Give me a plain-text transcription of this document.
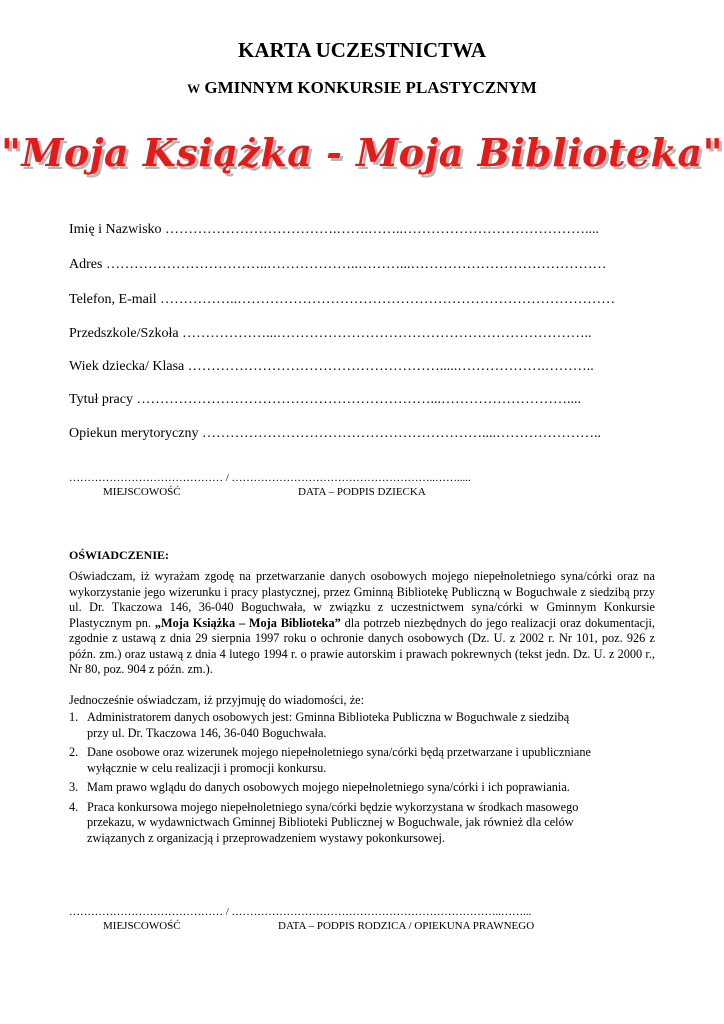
KARTA UCZESTNICTWA
W GMINNYM KONKURSIE PLASTYCZNYM
"Moja Książka - Moja Biblioteka"
Imię i Nazwisko ……………………………….…….……..…………………………………....
Adres ……………………………..………………..………...……………………………………
Telefon, E-mail ……………..………………………………………………………………………
Przedszkole/Szkoła ………………...…………………………………………………………..
Wiek dziecka/ Klasa ……………………………………………….....……………….………..
Tytuł pracy ………………………………………………………...………………………....
Opiekun merytoryczny ……………………………………………………....…………………..
…………………………………… / ………………………………………………..…….....
MIEJSCOWOŚĆ	DATA – PODPIS DZIECKA
OŚWIADCZENIE:
Oświadczam, iż wyrażam zgodę na przetwarzanie danych osobowych mojego niepełnoletniego syna/córki oraz na wykorzystanie jego wizerunku i pracy plastycznej, przez Gminną Bibliotekę Publiczną w Boguchwale z siedzibą przy ul. Dr. Tkaczowa 146, 36-040 Boguchwała, w związku z uczestnictwem syna/córki w Gminnym Konkursie Plastycznym pn. „Moja Książka – Moja Biblioteka” dla potrzeb niezbędnych do jego realizacji oraz dokumentacji, zgodnie z ustawą z dnia 29 sierpnia 1997 roku o ochronie danych osobowych (Dz. U. z 2002 r. Nr 101, poz. 926 z późn. zm.) oraz ustawą z dnia 4 lutego 1994 r. o prawie autorskim i prawach pokrewnych (tekst jedn. Dz. U. z 2000 r., Nr 80, poz. 904 z późn. zm.).
Jednocześnie oświadczam, iż przyjmuję do wiadomości, że:
1. Administratorem danych osobowych jest: Gminna Biblioteka Publiczna w Boguchwale z siedzibą
przy ul. Dr. Tkaczowa 146, 36-040 Boguchwała.
2. Dane osobowe oraz wizerunek mojego niepełnoletniego syna/córki będą przetwarzane i upubliczniane
wyłącznie w celu realizacji i promocji konkursu.
3. Mam prawo wglądu do danych osobowych mojego niepełnoletniego syna/córki i ich poprawiania.
4. Praca konkursowa mojego niepełnoletniego syna/córki będzie wykorzystana w środkach masowego
przekazu, w wydawnictwach Gminnej Biblioteki Publicznej w Boguchwale, jak również dla celów
związanych z organizacją i przeprowadzeniem wystawy pokonkursowej.
…………………………………… / ………………………………………………………………..……...
MIEJSCOWOŚĆ	DATA – PODPIS RODZICA / OPIEKUNA PRAWNEGO
